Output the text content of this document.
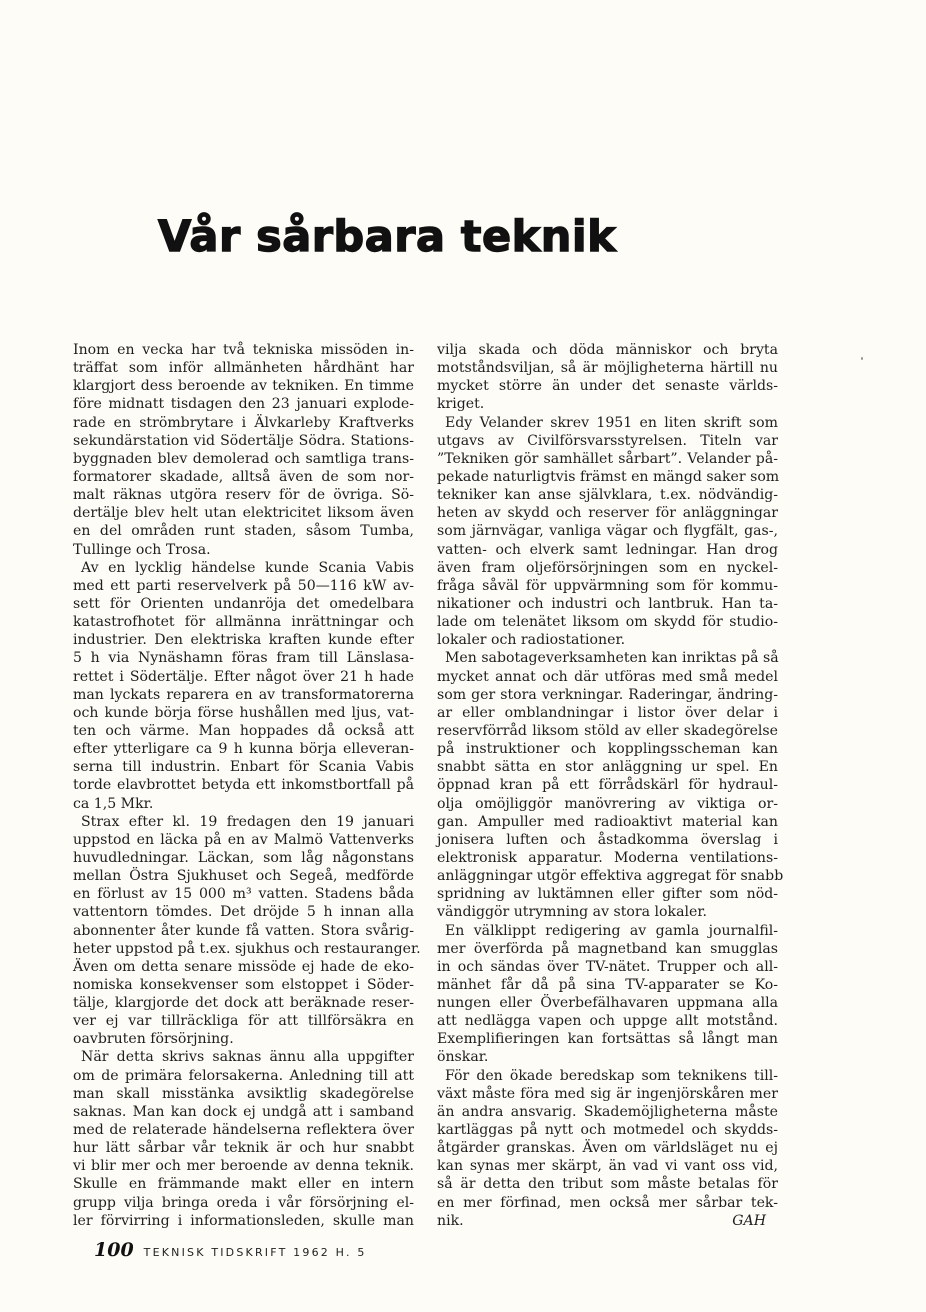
Vår sårbara teknik
Inom en vecka har två tekniska missöden in-
träffat som inför allmänheten hårdhänt har
klargjort dess beroende av tekniken. En timme
före midnatt tisdagen den 23 januari explode-
rade en strömbrytare i Älvkarleby Kraftverks
sekundärstation vid Södertälje Södra. Stations-
byggnaden blev demolerad och samtliga trans-
formatorer skadade, alltså även de som nor-
malt räknas utgöra reserv för de övriga. Sö-
dertälje blev helt utan elektricitet liksom även
en del områden runt staden, såsom Tumba,
Tullinge och Trosa.
Av en lycklig händelse kunde Scania Vabis
med ett parti reservelverk på 50—116 kW av-
sett för Orienten undanröja det omedelbara
katastrofhotet för allmänna inrättningar och
industrier. Den elektriska kraften kunde efter
5 h via Nynäshamn föras fram till Länslasa-
rettet i Södertälje. Efter något över 21 h hade
man lyckats reparera en av transformatorerna
och kunde börja förse hushållen med ljus, vat-
ten och värme. Man hoppades då också att
efter ytterligare ca 9 h kunna börja elleveran-
serna till industrin. Enbart för Scania Vabis
torde elavbrottet betyda ett inkomstbortfall på
ca 1,5 Mkr.
Strax efter kl. 19 fredagen den 19 januari
uppstod en läcka på en av Malmö Vattenverks
huvudledningar. Läckan, som låg någonstans
mellan Östra Sjukhuset och Segeå, medförde
en förlust av 15 000 m³ vatten. Stadens båda
vattentorn tömdes. Det dröjde 5 h innan alla
abonnenter åter kunde få vatten. Stora svårig-
heter uppstod på t.ex. sjukhus och restauranger.
Även om detta senare missöde ej hade de eko-
nomiska konsekvenser som elstoppet i Söder-
tälje, klargjorde det dock att beräknade reser-
ver ej var tillräckliga för att tillförsäkra en
oavbruten försörjning.
När detta skrivs saknas ännu alla uppgifter
om de primära felorsakerna. Anledning till att
man skall misstänka avsiktlig skadegörelse
saknas. Man kan dock ej undgå att i samband
med de relaterade händelserna reflektera över
hur lätt sårbar vår teknik är och hur snabbt
vi blir mer och mer beroende av denna teknik.
Skulle en främmande makt eller en intern
grupp vilja bringa oreda i vår försörjning el-
ler förvirring i informationsleden, skulle man
vilja skada och döda människor och bryta
motståndsviljan, så är möjligheterna härtill nu
mycket större än under det senaste världs-
kriget.
Edy Velander skrev 1951 en liten skrift som
utgavs av Civilförsvarsstyrelsen. Titeln var
”Tekniken gör samhället sårbart”. Velander på-
pekade naturligtvis främst en mängd saker som
tekniker kan anse självklara, t.ex. nödvändig-
heten av skydd och reserver för anläggningar
som järnvägar, vanliga vägar och flygfält, gas-,
vatten- och elverk samt ledningar. Han drog
även fram oljeförsörjningen som en nyckel-
fråga såväl för uppvärmning som för kommu-
nikationer och industri och lantbruk. Han ta-
lade om telenätet liksom om skydd för studio-
lokaler och radiostationer.
Men sabotageverksamheten kan inriktas på så
mycket annat och där utföras med små medel
som ger stora verkningar. Raderingar, ändring-
ar eller omblandningar i listor över delar i
reservförråd liksom stöld av eller skadegörelse
på instruktioner och kopplingsscheman kan
snabbt sätta en stor anläggning ur spel. En
öppnad kran på ett förrådskärl för hydraul-
olja omöjliggör manövrering av viktiga or-
gan. Ampuller med radioaktivt material kan
jonisera luften och åstadkomma överslag i
elektronisk apparatur. Moderna ventilations-
anläggningar utgör effektiva aggregat för snabb
spridning av luktämnen eller gifter som nöd-
vändiggör utrymning av stora lokaler.
En välklippt redigering av gamla journalfil-
mer överförda på magnetband kan smugglas
in och sändas över TV-nätet. Trupper och all-
mänhet får då på sina TV-apparater se Ko-
nungen eller Överbefälhavaren uppmana alla
att nedlägga vapen och uppge allt motstånd.
Exemplifieringen kan fortsättas så långt man
önskar.
För den ökade beredskap som teknikens till-
växt måste föra med sig är ingenjörskåren mer
än andra ansvarig. Skademöjligheterna måste
kartläggas på nytt och motmedel och skydds-
åtgärder granskas. Även om världsläget nu ej
kan synas mer skärpt, än vad vi vant oss vid,
så är detta den tribut som måste betalas för
en mer förfinad, men också mer sårbar tek-
nik.	GAH
100 TEKNISK TIDSKRIFT 1962 H. 5
